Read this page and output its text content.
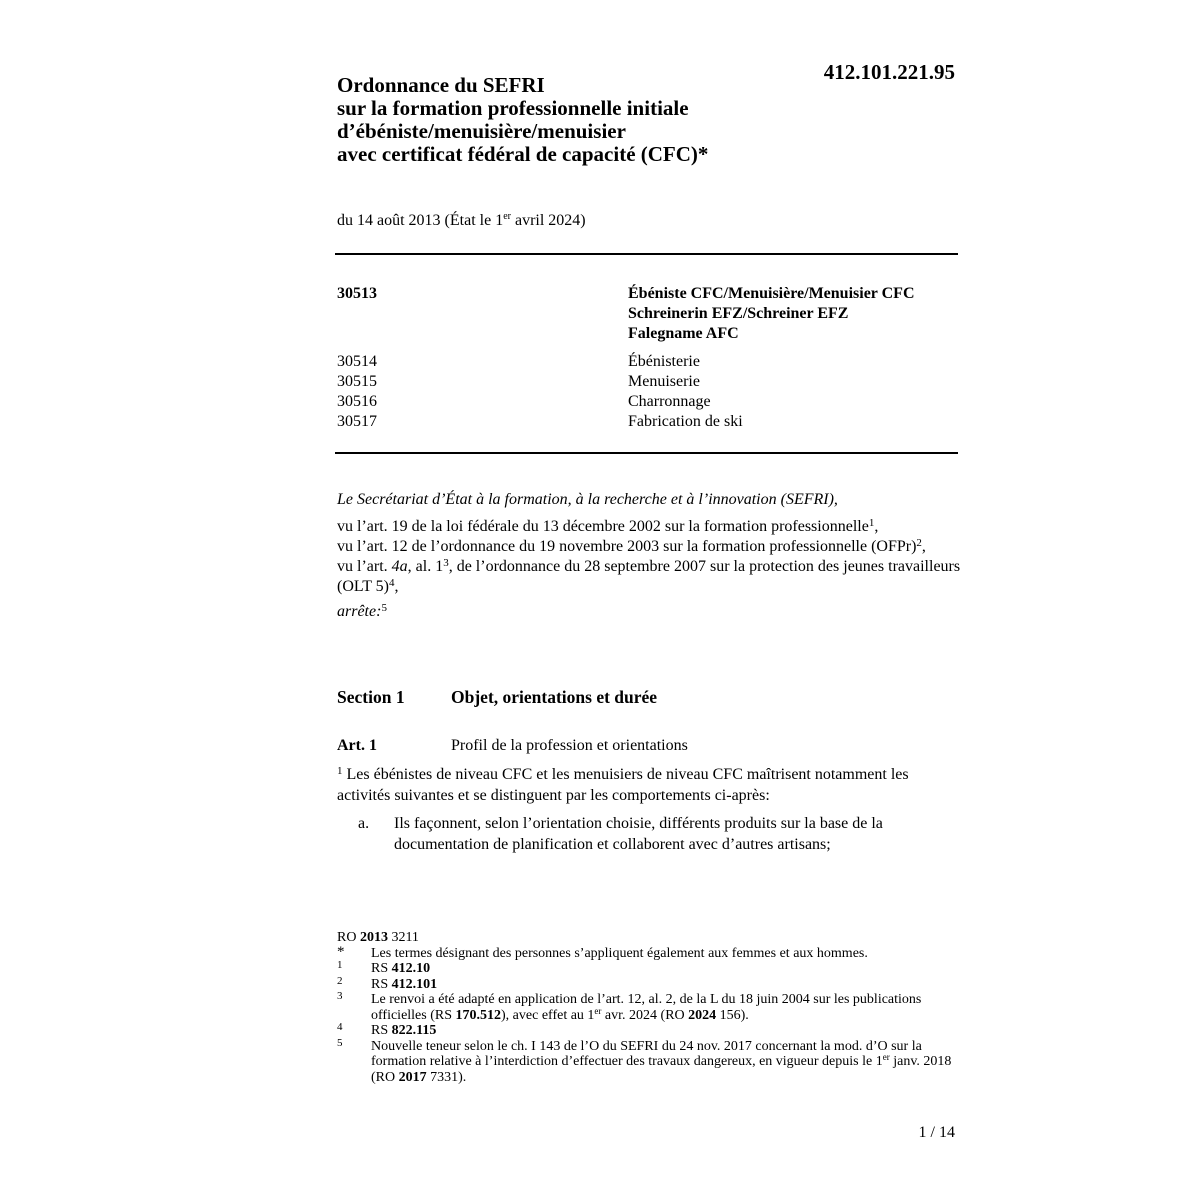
Ordonnance du SEFRI
sur la formation professionnelle initiale
d’ébéniste/menuisière/menuisier
avec certificat fédéral de capacité (CFC)*
412.101.221.95
du 14 août 2013 (État le 1er avril 2024)
30513	Ébéniste CFC/Menuisière/Menuisier CFC
Schreinerin EFZ/Schreiner EFZ
Falegname AFC
30514	Ébénisterie
30515	Menuiserie
30516	Charronnage
30517	Fabrication de ski

Le Secrétariat d’État à la formation, à la recherche et à l’innovation (SEFRI),

vu l’art. 19 de la loi fédérale du 13 décembre 2002 sur la formation professionnelle$^1$,

vu l’art. 12 de l’ordonnance du 19 novembre 2003 sur la formation professionnelle (OFPr)$^2$,

vu l’art. 4a, al. 1$^3$, de l’ordonnance du 28 septembre 2007 sur la protection des jeunes travailleurs (OLT 5)$^4$,

arrête:$^5$

Section 1	Objet, orientations et durée
Art. 1	Profil de la profession et orientations

$^1$ Les ébénistes de niveau CFC et les menuisiers de niveau CFC maîtrisent notamment les activités suivantes et se distinguent par les comportements ci-après:

a. Ils façonnent, selon l’orientation choisie, différents produits sur la base de la documentation de planification et collaborent avec d’autres artisans;

RO 2013 3211

* Les termes désignant des personnes s’appliquent également aux femmes et aux hommes.

1 RS 412.10

2 RS 412.101

3 Le renvoi a été adapté en application de l’art. 12, al. 2, de la L du 18 juin 2004 sur les publications officielles (RS 170.512), avec effet au 1er avr. 2024 (RO 2024 156).

4 RS 822.115

5 Nouvelle teneur selon le ch. I 143 de l’O du SEFRI du 24 nov. 2017 concernant la mod. d’O sur la formation relative à l’interdiction d’effectuer des travaux dangereux, en vigueur depuis le 1er janv. 2018 (RO 2017 7331).

1 / 14
